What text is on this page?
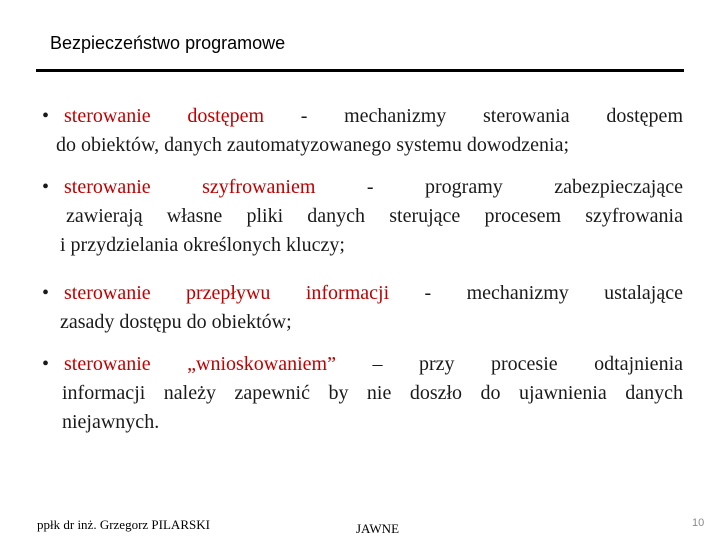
Bezpieczeństwo programowe
• sterowanie dostępem - mechanizmy sterowania dostępem
do obiektów, danych zautomatyzowanego systemu dowodzenia;
• sterowanie szyfrowaniem - programy zabezpieczające
zawierają własne pliki danych sterujące procesem szyfrowania
i przydzielania określonych kluczy;
• sterowanie przepływu informacji - mechanizmy ustalające
zasady dostępu do obiektów;
• sterowanie „wnioskowaniem” – przy procesie odtajnienia
informacji należy zapewnić by nie doszło do ujawnienia danych
niejawnych.
ppłk dr inż. Grzegorz PILARSKI	JAWNE	10
